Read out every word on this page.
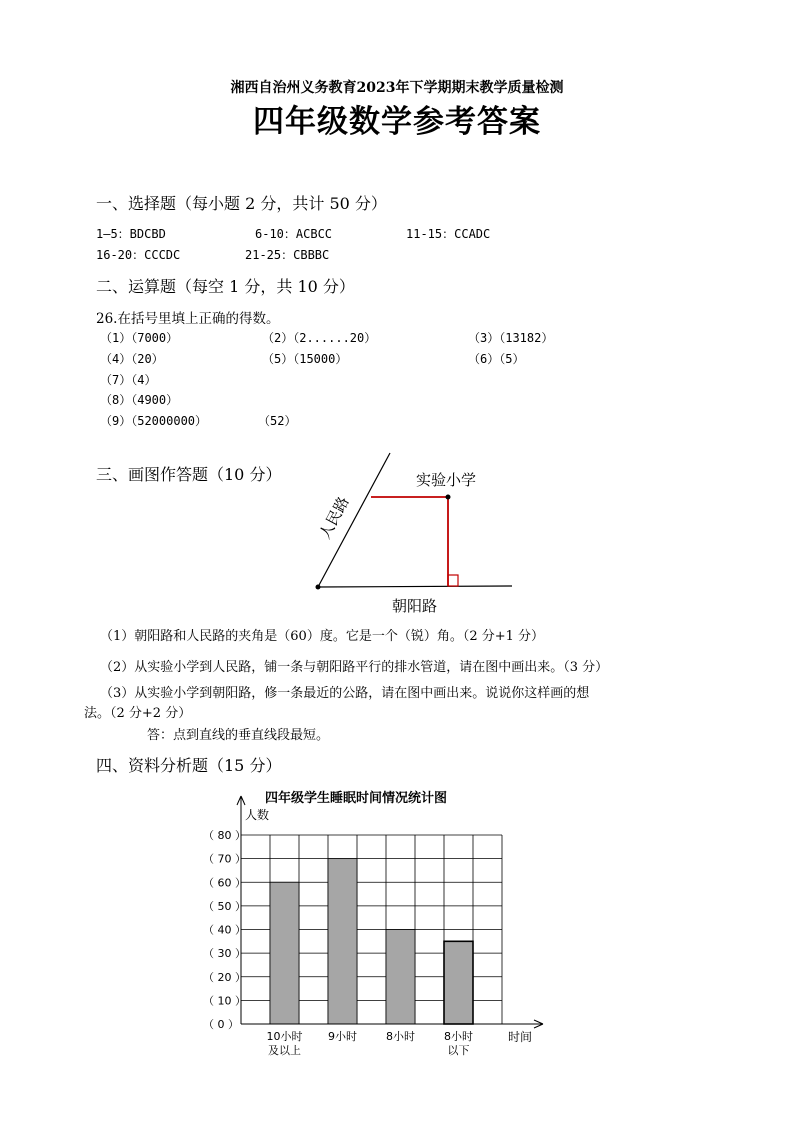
湘西自治州义务教育2023年下学期期末教学质量检测
四年级数学参考答案
一、选择题（每小题 2 分，共计 50 分）
1—5：BDCBD	6-10：ACBCC	11-15：CCADC
16-20：CCCDC	21-25：CBBBC
二、运算题（每空 1 分，共 10 分）
26.在括号里填上正确的得数。
（1）（7000）	（2）（2......20）	（3）（13182）
（4）（20）	（5）（15000）	（6）（5）
（7）（4）
（8）（4900）
（9）（52000000）	（52）
三、画图作答题（10 分）	实验小学
朝阳路
人民路
（1）朝阳路和人民路的夹角是（60）度。它是一个（锐）角。（2 分+1 分）
（2）从实验小学到人民路，铺一条与朝阳路平行的排水管道，请在图中画出来。（3 分）
（3）从实验小学到朝阳路，修一条最近的公路，请在图中画出来。说说你这样画的想
法。（2 分+2 分）
答：点到直线的垂直线段最短。
四、资料分析题（15 分）
四年级学生睡眠时间情况统计图
人数
时间
10小时
及以上
9小时	8小时	8小时
以下
（ 0 ）
（ 10 ）
（ 20 ）
（ 30 ）
（ 40 ）
（ 50 ）
（ 60 ）
（ 70 ）
（ 80 ）
